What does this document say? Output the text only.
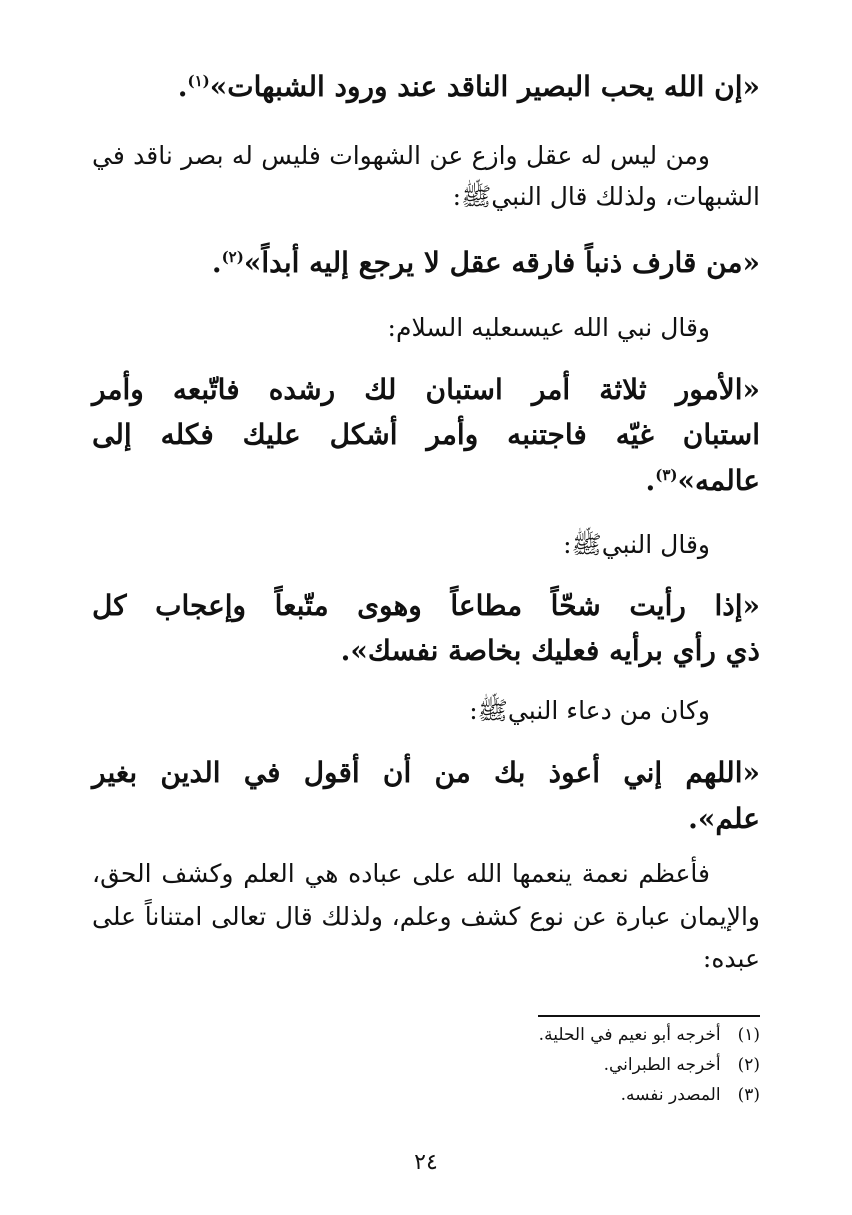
«إن الله يحب البصير الناقد عند ورود الشبهات»$^{(١)}$.
ومن ليس له عقل وازع عن الشهوات فليس له بصر ناقد في
الشبهات، ولذلك قال النبيﷺ:
«من قارف ذنباً فارقه عقل لا يرجع إليه أبداً»$^{(٢)}$.
وقال نبي الله عيسىعليه السلام:
«الأمور ثلاثة أمر استبان لك رشده فاتّبعه وأمر
استبان غيّه فاجتنبه وأمر أشكل عليك فكله إلى
عالمه»$^{(٣)}$.
وقال النبيﷺ:
«إذا رأيت شحّاً مطاعاً وهوى متّبعاً وإعجاب كل
ذي رأي برأيه فعليك بخاصة نفسك».
وكان من دعاء النبيﷺ:
«اللهم إني أعوذ بك من أن أقول في الدين بغير
علم».
فأعظم نعمة ينعمها الله على عباده هي العلم وكشف الحق،
والإيمان عبارة عن نوع كشف وعلم، ولذلك قال تعالى امتناناً على
عبده:
(١) أخرجه أبو نعيم في الحلية.
(٢) أخرجه الطبراني.
(٣) المصدر نفسه.
٢٤
